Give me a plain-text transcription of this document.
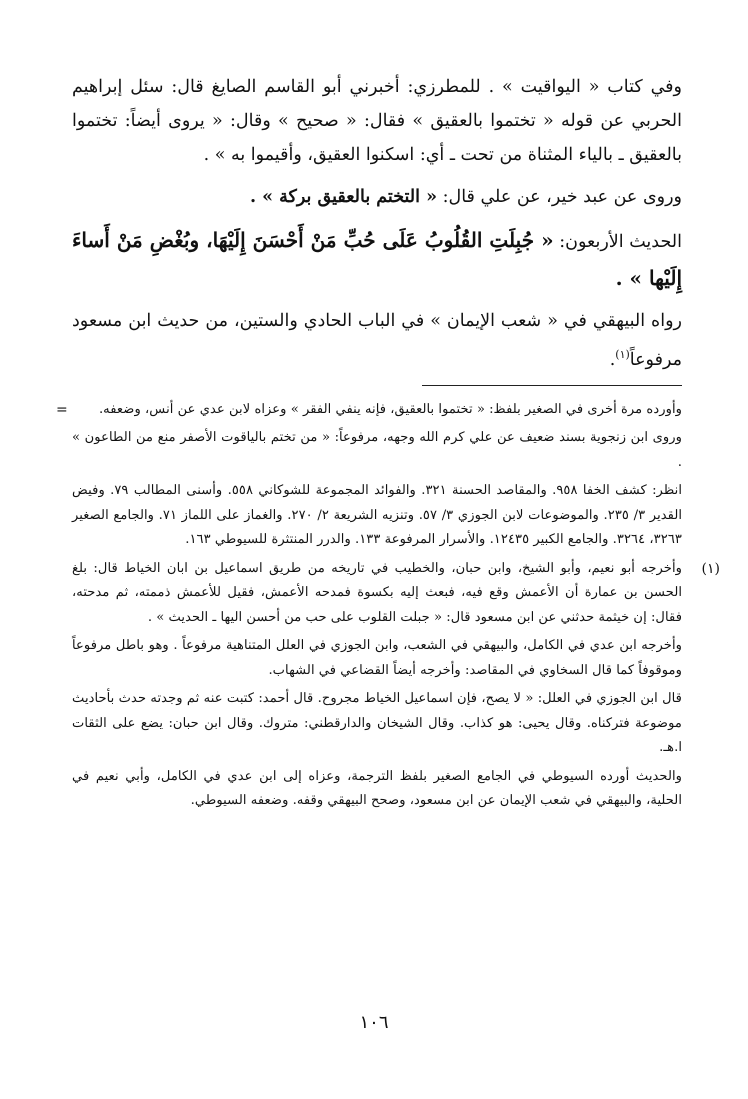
وفي كتاب « اليواقيت » . للمطرزي: أخبرني أبو القاسم الصايغ قال: سئل إبراهيم الحربي عن قوله « تختموا بالعقيق » فقال: « صحيح » وقال: « يروى أيضاً: تختموا بالعقيق ـ بالياء المثناة من تحت ـ أي: اسكنوا العقيق، وأقيموا به » .

وروى عن عبد خير، عن علي قال: « التختم بالعقيق بركة » .

الحديث الأربعون: « جُبِلَتِ القُلُوبُ عَلَى حُبِّ مَنْ أَحْسَنَ إِلَيْهَا، وبُغْضِ مَنْ أَساءَ إِلَيْها » .

رواه البيهقي في « شعب الإيمان » في الباب الحادي والستين، من حديث ابن مسعود مرفوعاً$^{(١)}$.

= وأورده مرة أخرى في الصغير بلفظ: « تختموا بالعقيق، فإنه ينفي الفقر » وعزاه لابن عدي عن أنس، وضعفه.

وروى ابن زنجوية بسند ضعيف عن علي كرم الله وجهه، مرفوعاً: « من تختم بالياقوت الأصفر منع من الطاعون » .

انظر: كشف الخفا ٩٥٨. والمقاصد الحسنة ٣٢١. والفوائد المجموعة للشوكاني ٥٥٨. وأسنى المطالب ٧٩. وفيض القدير ٣/ ٢٣٥. والموضوعات لابن الجوزي ٣/ ٥٧. وتنزيه الشريعة ٢/ ٢٧٠. والغماز على اللماز ٧١. والجامع الصغير ٣٢٦٣، ٣٢٦٤. والجامع الكبير ١٢٤٣٥. والأسرار المرفوعة ١٣٣. والدرر المنتثرة للسيوطي ١٦٣.

(١)
وأخرجه أبو نعيم، وأبو الشيخ، وابن حبان، والخطيب في تاريخه من طريق اسماعيل بن ابان الخياط قال: بلغ الحسن بن عمارة أن الأعمش وقع فيه، فبعث إليه بكسوة فمدحه الأعمش، فقيل للأعمش ذممته، ثم مدحته، فقال: إن خيثمة حدثني عن ابن مسعود قال: « جبلت القلوب على حب من أحسن اليها ـ الحديث » .

وأخرجه ابن عدي في الكامل، والبيهقي في الشعب، وابن الجوزي في العلل المتناهية مرفوعاً . وهو باطل مرفوعاً وموقوفاً كما قال السخاوي في المقاصد: وأخرجه أيضاً القضاعي في الشهاب.

قال ابن الجوزي في العلل: « لا يصح، فإن اسماعيل الخياط مجروح. قال أحمد: كتبت عنه ثم وجدته حدث بأحاديث موضوعة فتركناه. وقال يحيى: هو كذاب. وقال الشيخان والدارقطني: متروك. وقال ابن حبان: يضع على الثقات ا.هـ.

والحديث أورده السيوطي في الجامع الصغير بلفظ الترجمة، وعزاه إلى ابن عدي في الكامل، وأبي نعيم في الحلية، والبيهقي في شعب الإيمان عن ابن مسعود، وصحح البيهقي وقفه. وضعفه السيوطي.

١٠٦
